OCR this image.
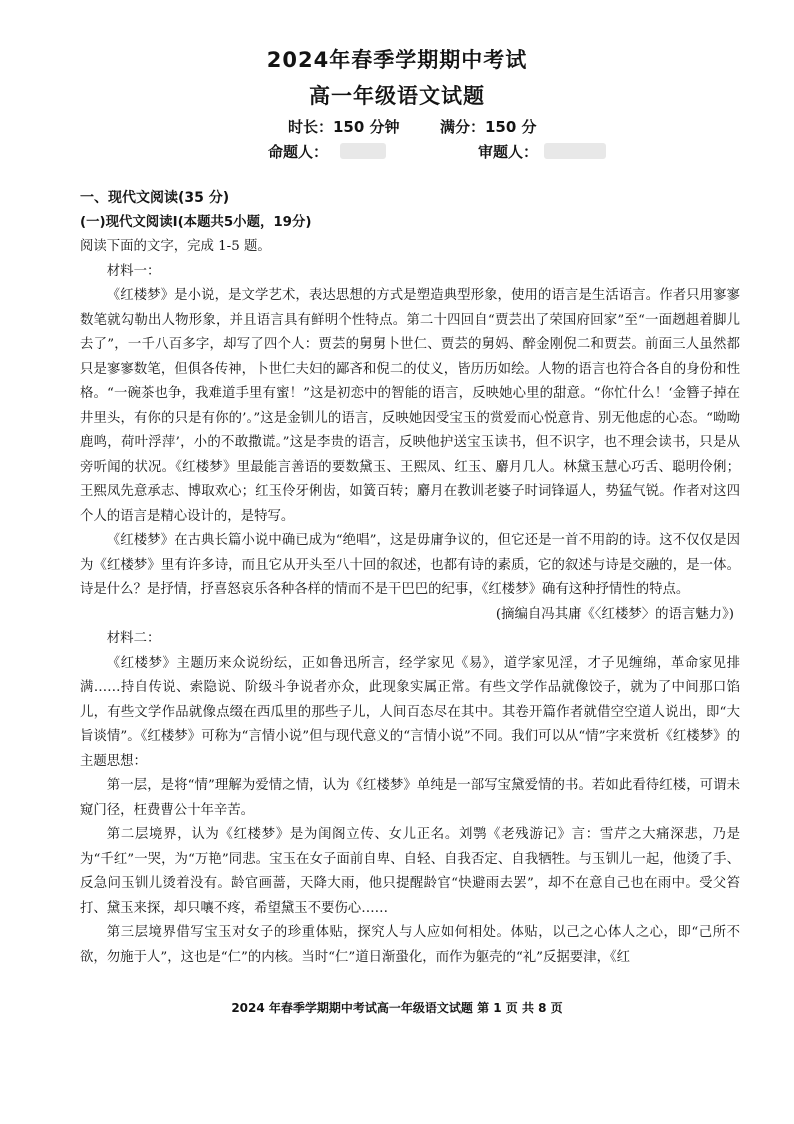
2024年春季学期期中考试
高一年级语文试题
时长：150 分钟	满分：150 分
命题人：	审题人：

一、现代文阅读(35 分)

(一)现代文阅读Ⅰ(本题共5小题，19分)

阅读下面的文字，完成 1-5 题。

材料一：

《红楼梦》是小说，是文学艺术，表达思想的方式是塑造典型形象，使用的语言是生活语言。作者只用寥寥数笔就勾勒出人物形象，并且语言具有鲜明个性特点。第二十四回自“贾芸出了荣国府回家”至“一面趔趄着脚儿去了”，一千八百多字，却写了四个人：贾芸的舅舅卜世仁、贾芸的舅妈、醉金刚倪二和贾芸。前面三人虽然都只是寥寥数笔，但俱各传神，卜世仁夫妇的鄙吝和倪二的仗义，皆历历如绘。人物的语言也符合各自的身份和性格。“一碗茶也争，我难道手里有蜜！”这是初恋中的智能的语言，反映她心里的甜意。“你忙什么！‘金簪子掉在井里头，有你的只是有你的’。”这是金钏儿的语言，反映她因受宝玉的赏爱而心悦意肯、别无他虑的心态。“呦呦鹿鸣，荷叶浮萍’，小的不敢撒谎。”这是李贵的语言，反映他护送宝玉读书，但不识字，也不理会读书，只是从旁听闻的状况。《红楼梦》里最能言善语的要数黛玉、王熙凤、红玉、麝月几人。林黛玉慧心巧舌、聪明伶俐；王熙凤先意承志、博取欢心；红玉伶牙俐齿，如簧百转；麝月在教训老婆子时词锋逼人，势猛气锐。作者对这四个人的语言是精心设计的，是特写。

《红楼梦》在古典长篇小说中确已成为“绝唱”，这是毋庸争议的，但它还是一首不用韵的诗。这不仅仅是因为《红楼梦》里有许多诗，而且它从开头至八十回的叙述，也都有诗的素质，它的叙述与诗是交融的，是一体。诗是什么？是抒情，抒喜怒哀乐各种各样的情而不是干巴巴的纪事，《红楼梦》确有这种抒情性的特点。

(摘编自冯其庸《〈红楼梦〉的语言魅力》)

材料二：

《红楼梦》主题历来众说纷纭，正如鲁迅所言，经学家见《易》，道学家见淫，才子见缠绵，革命家见排满……持自传说、索隐说、阶级斗争说者亦众，此现象实属正常。有些文学作品就像饺子，就为了中间那口馅儿，有些文学作品就像点缀在西瓜里的那些子儿，人间百态尽在其中。其卷开篇作者就借空空道人说出，即“大旨谈情”。《红楼梦》可称为“言情小说”但与现代意义的“言情小说”不同。我们可以从“情”字来赏析《红楼梦》的主题思想：

第一层，是将“情”理解为爱情之情，认为《红楼梦》单纯是一部写宝黛爱情的书。若如此看待红楼，可谓未窥门径，枉费曹公十年辛苦。

第二层境界，认为《红楼梦》是为闺阁立传、女儿正名。刘鹗《老残游记》言：雪芹之大痛深悲，乃是为“千红”一哭，为“万艳”同悲。宝玉在女子面前自卑、自轻、自我否定、自我牺牲。与玉钏儿一起，他烫了手、反急问玉钏儿烫着没有。龄官画蔷，天降大雨，他只提醒龄官“快避雨去罢”，却不在意自己也在雨中。受父笞打、黛玉来探，却只嚷不疼，希望黛玉不要伤心……

第三层境界借写宝玉对女子的珍重体贴，探究人与人应如何相处。体贴，以己之心体人之心，即“己所不欲，勿施于人”，这也是“仁”的内核。当时“仁”道日渐蛩化，而作为躯壳的“礼”反据要津，《红

2024 年春季学期期中考试高一年级语文试题 第 1 页 共 8 页
